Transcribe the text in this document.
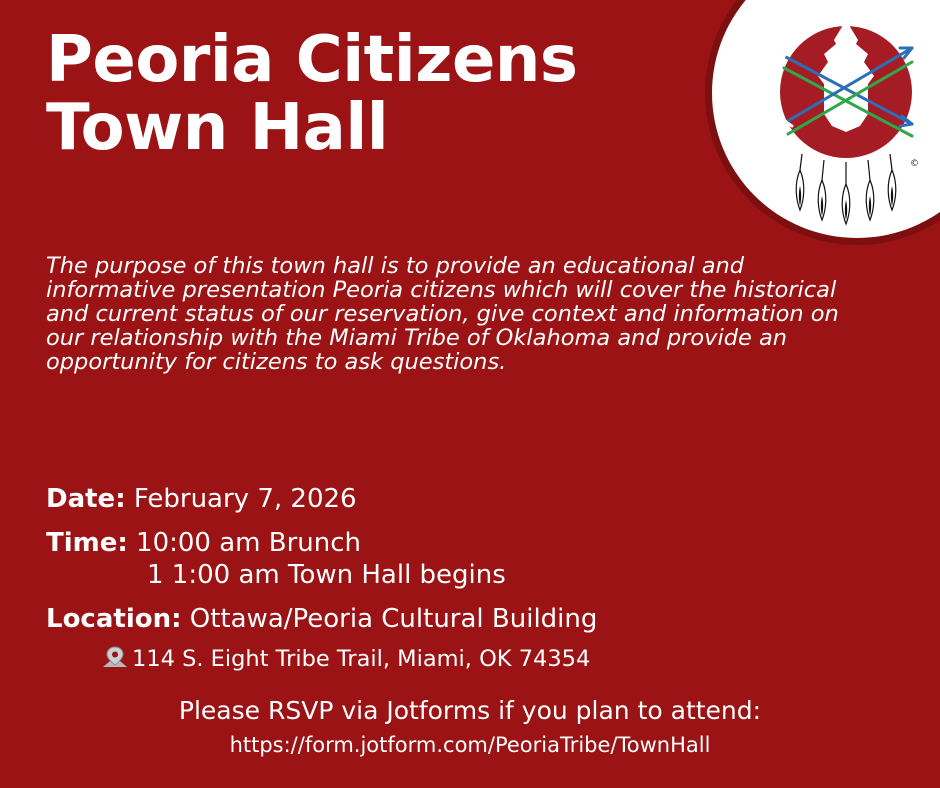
Peoria Citizens
Town Hall	©

The purpose of this town hall is to provide an educational and informative presentation Peoria citizens which will cover the historical and current status of our reservation, give context and information on our relationship with the Miami Tribe of Oklahoma and provide an opportunity for citizens to ask questions.

Date: February 7, 2026
Time: 10:00 am Brunch
1 1:00 am Town Hall begins
Location: Ottawa/Peoria Cultural Building
114 S. Eight Tribe Trail, Miami, OK 74354
Please RSVP via Jotforms if you plan to attend:
https://form.jotform.com/PeoriaTribe/TownHall
